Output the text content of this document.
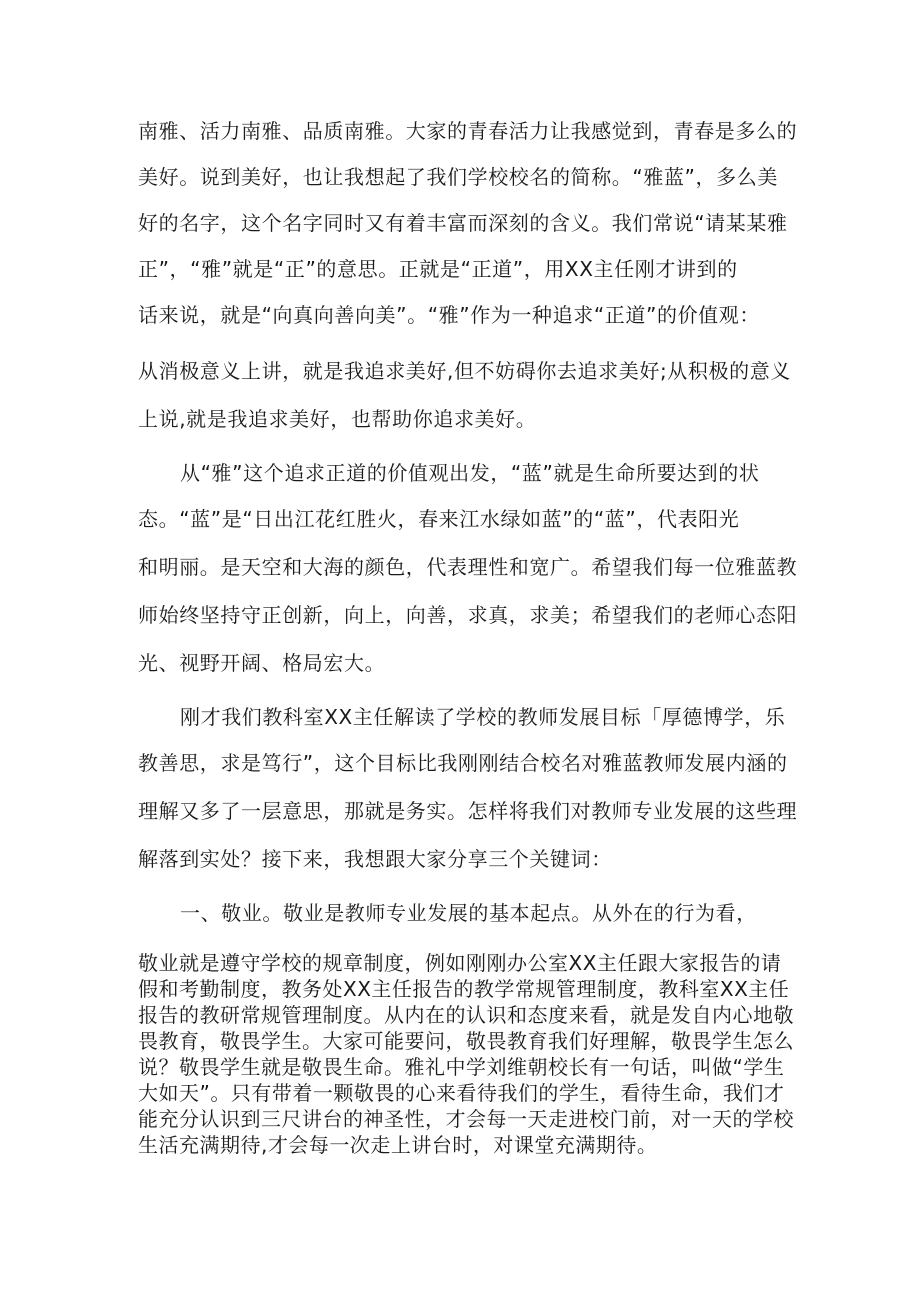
南雅、活力南雅、品质南雅。大家的青春活力让我感觉到，青春是多么的
美好。说到美好，也让我想起了我们学校校名的简称。“雅蓝”，多么美
好的名字，这个名字同时又有着丰富而深刻的含义。我们常说“请某某雅
正”，“雅”就是“正”的意思。正就是“正道”，用XX主任刚才讲到的
话来说，就是“向真向善向美”。“雅”作为一种追求“正道”的价值观：
从消极意义上讲，就是我追求美好,但不妨碍你去追求美好;从积极的意义
上说,就是我追求美好，也帮助你追求美好。
从“雅”这个追求正道的价值观出发，“蓝”就是生命所要达到的状
态。“蓝”是“日出江花红胜火，春来江水绿如蓝”的“蓝”，代表阳光
和明丽。是天空和大海的颜色，代表理性和宽广。希望我们每一位雅蓝教
师始终坚持守正创新，向上，向善，求真，求美；希望我们的老师心态阳
光、视野开阔、格局宏大。
刚才我们教科室XX主任解读了学校的教师发展目标「厚德博学，乐
教善思，求是笃行”，这个目标比我刚刚结合校名对雅蓝教师发展内涵的
理解又多了一层意思，那就是务实。怎样将我们对教师专业发展的这些理
解落到实处？接下来，我想跟大家分享三个关键词：
一、敬业。敬业是教师专业发展的基本起点。从外在的行为看，
敬业就是遵守学校的规章制度，例如刚刚办公室XX主任跟大家报告的请
假和考勤制度，教务处XX主任报告的教学常规管理制度，教科室XX主任
报告的教研常规管理制度。从内在的认识和态度来看，就是发自内心地敬
畏教育，敬畏学生。大家可能要问，敬畏教育我们好理解，敬畏学生怎么
说？敬畏学生就是敬畏生命。雅礼中学刘维朝校长有一句话，叫做“学生
大如天”。只有带着一颗敬畏的心来看待我们的学生，看待生命，我们才
能充分认识到三尺讲台的神圣性，才会每一天走进校门前，对一天的学校
生活充满期待,才会每一次走上讲台时，对课堂充满期待。
